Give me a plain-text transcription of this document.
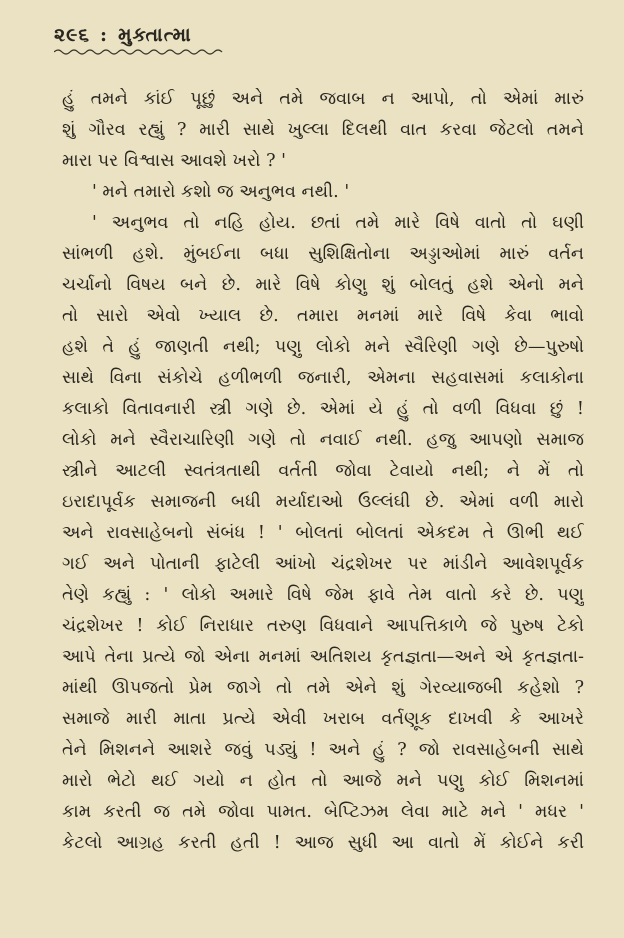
૨૯૬ : મુક્તાત્મા

હું તમને કાંઈ પૂછું અને તમે જવાબ ન આપો, તો એમાં મારું

શું ગૌરવ રહ્યું ? મારી સાથે ખુલ્લા દિલથી વાત કરવા જેટલો તમને

મારા પર વિશ્વાસ આવશે ખરો ? '

' મને તમારો કશો જ અનુભવ નથી. '

' અનુભવ તો નહિ હોય. છતાં તમે મારે વિષે વાતો તો ઘણી

સાંભળી હશે. મુંબઈના બધા સુશિક્ષિતોના અડ્ડાઓમાં મારું વર્તન

ચર્ચાનો વિષય બને છે. મારે વિષે કોણુ શું બોલતું હશે એનો મને

તો સારો એવો ખ્યાલ છે. તમારા મનમાં મારે વિષે કેવા ભાવો

હશે તે હું જાણતી નથી; પણુ લોકો મને સ્વૈરિણી ગણે છે—પુરુષો

સાથે વિના સંકોચે હળીભળી જનારી, એમના સહવાસમાં કલાકોના

કલાકો વિતાવનારી સ્ત્રી ગણે છે. એમાં યે હું તો વળી વિધવા છું !

લોકો મને સ્વૈરાચારિણી ગણે તો નવાઈ નથી. હજુ આપણો સમાજ

સ્ત્રીને આટલી સ્વતંત્રતાથી વર્તતી જોવા ટેવાયો નથી; ને મેં તો

ઇરાદાપૂર્વક સમાજની બધી મર્યાદાઓ ઉલ્લંઘી છે. એમાં વળી મારો

અને રાવસાહેબનો સંબંધ ! ' બોલતાં બોલતાં એકદમ તે ઊભી થઈ

ગઈ અને પોતાની ફાટેલી આંખો ચંદ્રશેખર પર માંડીને આવેશપૂર્વક

તેણે કહ્યું : ' લોકો અમારે વિષે જેમ ફાવે તેમ વાતો કરે છે. પણુ

ચંદ્રશેખર ! કોઈ નિરાધાર તરુણ વિધવાને આપત્તિકાળે જે પુરુષ ટેકો

આપે તેના પ્રત્યે જો એના મનમાં અતિશય કૃતજ્ઞતા—અને એ કૃતજ્ઞતા-

માંથી ઊપજતો પ્રેમ જાગે તો તમે એને શું ગેરવ્યાજબી કહેશો ?

સમાજે મારી માતા પ્રત્યે એવી ખરાબ વર્તણૂક દાખવી કે આખરે

તેને મિશનને આશરે જવું પડ્યું ! અને હું ? જો રાવસાહેબની સાથે

મારો ભેટો થઈ ગયો ન હોત તો આજે મને પણુ કોઈ મિશનમાં

કામ કરતી જ તમે જોવા પામત. બેપ્ટિઝમ લેવા માટે મને ' મધર '

કેટલો આગ્રહ કરતી હતી ! આજ સુધી આ વાતો મેં કોઈને કરી
